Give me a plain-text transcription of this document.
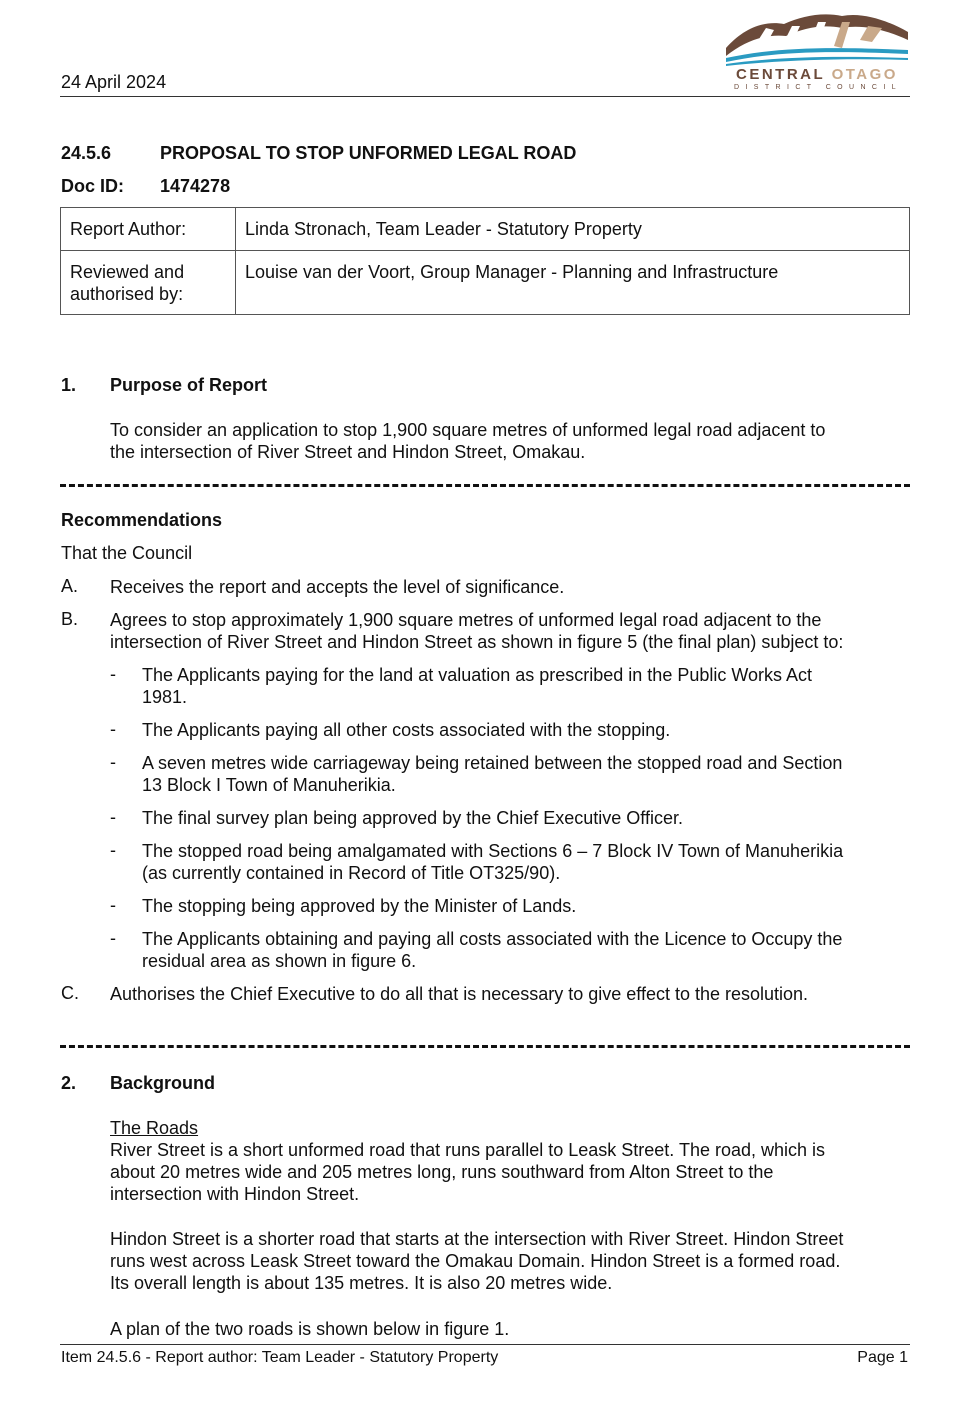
24 April 2024	CENTRAL OTAGO
DISTRICT COUNCIL
24.5.6	PROPOSAL TO STOP UNFORMED LEGAL ROAD
Doc ID: 1474278
Report Author:	Linda Stronach, Team Leader - Statutory Property
Reviewed and
authorised by:	Louise van der Voort, Group Manager - Planning and Infrastructure
1. Purpose of Report
To consider an application to stop 1,900 square metres of unformed legal road adjacent to
the intersection of River Street and Hindon Street, Omakau.
Recommendations
That the Council
A. Receives the report and accepts the level of significance.
B. Agrees to stop approximately 1,900 square metres of unformed legal road adjacent to the
intersection of River Street and Hindon Street as shown in figure 5 (the final plan) subject to:
- The Applicants paying for the land at valuation as prescribed in the Public Works Act
1981.
- The Applicants paying all other costs associated with the stopping.
- A seven metres wide carriageway being retained between the stopped road and Section
13 Block I Town of Manuherikia.
- The final survey plan being approved by the Chief Executive Officer.
- The stopped road being amalgamated with Sections 6 – 7 Block IV Town of Manuherikia
(as currently contained in Record of Title OT325/90).
- The stopping being approved by the Minister of Lands.
- The Applicants obtaining and paying all costs associated with the Licence to Occupy the
residual area as shown in figure 6.
C. Authorises the Chief Executive to do all that is necessary to give effect to the resolution.
2. Background
The Roads
River Street is a short unformed road that runs parallel to Leask Street. The road, which is
about 20 metres wide and 205 metres long, runs southward from Alton Street to the
intersection with Hindon Street.
Hindon Street is a shorter road that starts at the intersection with River Street. Hindon Street
runs west across Leask Street toward the Omakau Domain. Hindon Street is a formed road.
Its overall length is about 135 metres. It is also 20 metres wide.
A plan of the two roads is shown below in figure 1.
Item 24.5.6 - Report author: Team Leader - Statutory Property	Page 1
